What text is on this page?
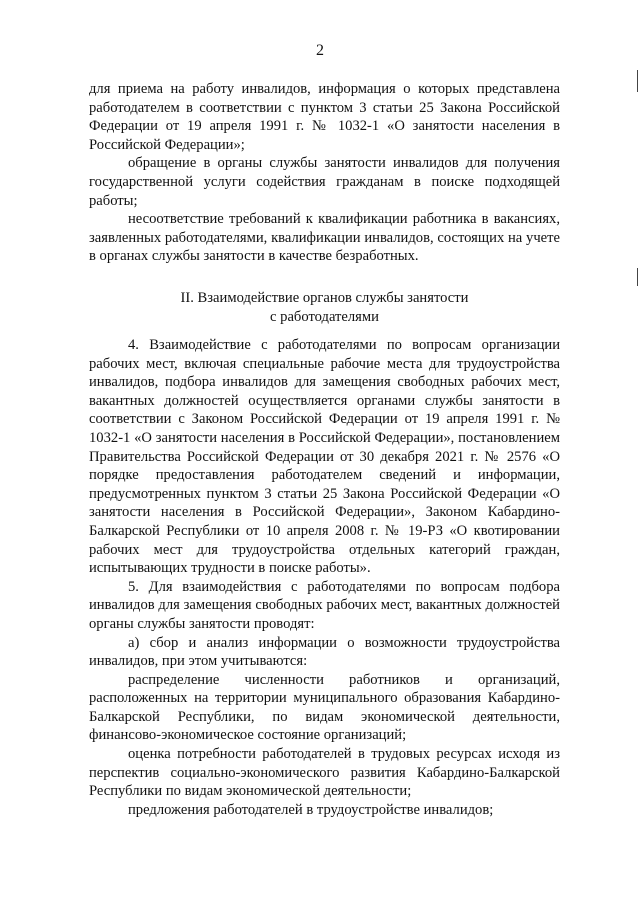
2

для приема на работу инвалидов, информация о которых представлена работодателем в соответствии с пунктом 3 статьи 25 Закона Российской Федерации от 19 апреля 1991 г. № 1032-1 «О занятости населения в Российской Федерации»;

обращение в органы службы занятости инвалидов для получения государственной услуги содействия гражданам в поиске подходящей работы;

несоответствие требований к квалификации работника в вакансиях, заявленных работодателями, квалификации инвалидов, состоящих на учете в органах службы занятости в качестве безработных.

II. Взаимодействие органов службы занятости
с работодателями

4. Взаимодействие с работодателями по вопросам организации рабочих мест, включая специальные рабочие места для трудоустройства инвалидов, подбора инвалидов для замещения свободных рабочих мест, вакантных должностей осуществляется органами службы занятости в соответствии с Законом Российской Федерации от 19 апреля 1991 г. № 1032-1 «О занятости населения в Российской Федерации», постановлением Правительства Российской Федерации от 30 декабря 2021 г. № 2576 «О порядке предоставления работодателем сведений и информации, предусмотренных пунктом 3 статьи 25 Закона Российской Федерации «О занятости населения в Российской Федерации», Законом Кабардино-Балкарской Республики от 10 апреля 2008 г. № 19-РЗ «О квотировании рабочих мест для трудоустройства отдельных категорий граждан, испытывающих трудности в поиске работы».

5. Для взаимодействия с работодателями по вопросам подбора инвалидов для замещения свободных рабочих мест, вакантных должностей органы службы занятости проводят:

а) сбор и анализ информации о возможности трудоустройства инвалидов, при этом учитываются:

распределение численности работников и организаций, расположенных на территории муниципального образования Кабардино-Балкарской Республики, по видам экономической деятельности, финансово-экономическое состояние организаций;

оценка потребности работодателей в трудовых ресурсах исходя из перспектив социально-экономического развития Кабардино-Балкарской Республики по видам экономической деятельности;

предложения работодателей в трудоустройстве инвалидов;
